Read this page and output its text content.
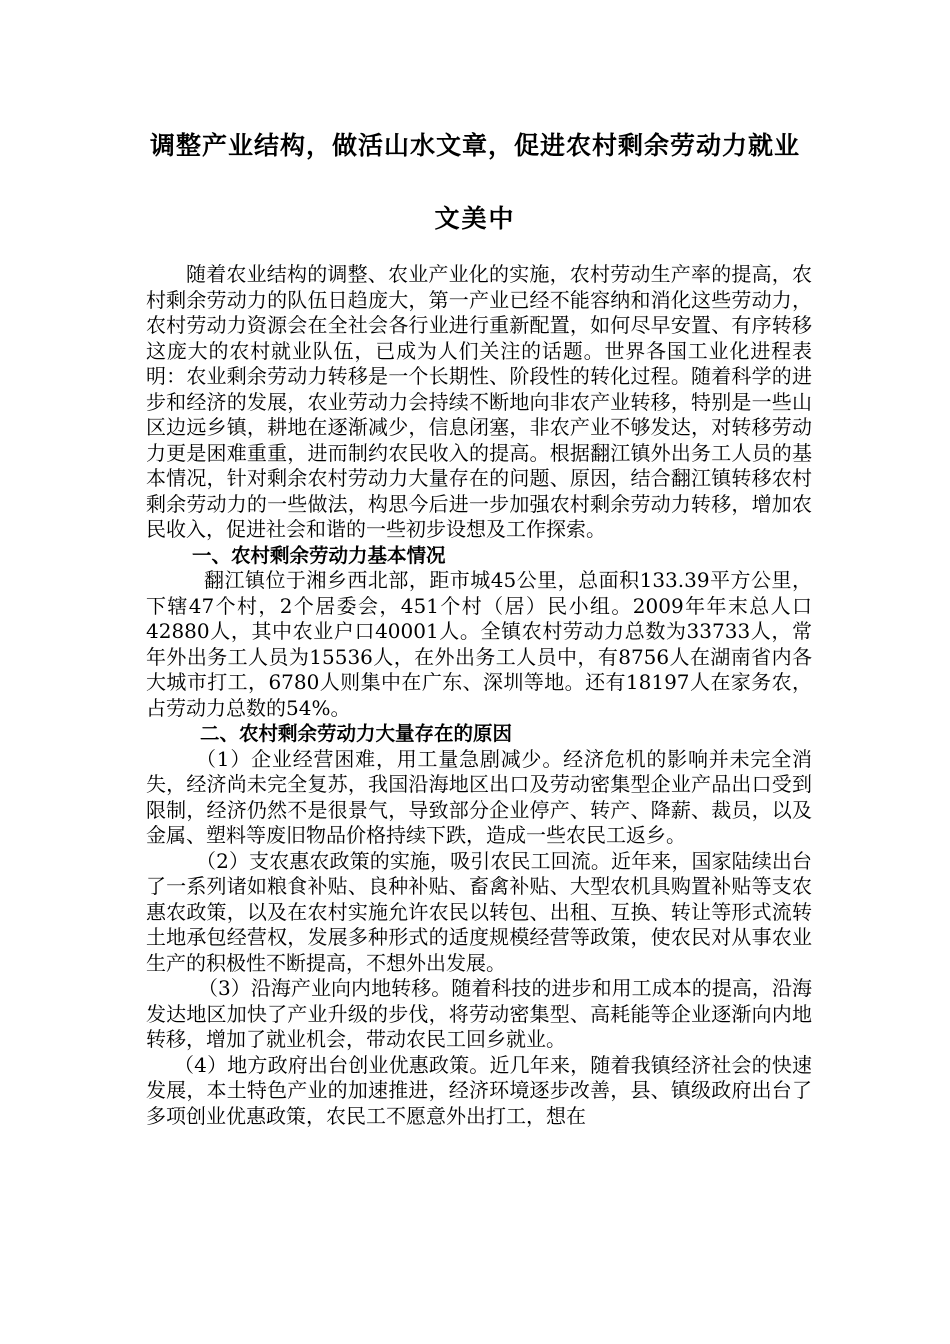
调整产业结构，做活山水文章，促进农村剩余劳动力就业
文美中

随着农业结构的调整、农业产业化的实施，农村劳动生产率的提高，农村剩余劳动力的队伍日趋庞大，第一产业已经不能容纳和消化这些劳动力，农村劳动力资源会在全社会各行业进行重新配置，如何尽早安置、有序转移这庞大的农村就业队伍，已成为人们关注的话题。世界各国工业化进程表明：农业剩余劳动力转移是一个长期性、阶段性的转化过程。随着科学的进步和经济的发展，农业劳动力会持续不断地向非农产业转移，特别是一些山区边远乡镇，耕地在逐渐减少，信息闭塞，非农产业不够发达，对转移劳动力更是困难重重，进而制约农民收入的提高。根据翻江镇外出务工人员的基本情况，针对剩余农村劳动力大量存在的问题、原因，结合翻江镇转移农村剩余劳动力的一些做法，构思今后进一步加强农村剩余劳动力转移，增加农民收入，促进社会和谐的一些初步设想及工作探索。

一、农村剩余劳动力基本情况

翻江镇位于湘乡西北部，距市城45公里，总面积133.39平方公里，下辖47个村，2个居委会，451个村（居）民小组。2009年年末总人口42880人，其中农业户口40001人。全镇农村劳动力总数为33733人，常年外出务工人员为15536人，在外出务工人员中，有8756人在湖南省内各大城市打工，6780人则集中在广东、深圳等地。还有18197人在家务农，占劳动力总数的54%。

二、农村剩余劳动力大量存在的原因

（1）企业经营困难，用工量急剧减少。经济危机的影响并未完全消失，经济尚未完全复苏，我国沿海地区出口及劳动密集型企业产品出口受到限制，经济仍然不是很景气，导致部分企业停产、转产、降薪、裁员，以及金属、塑料等废旧物品价格持续下跌，造成一些农民工返乡。

（2）支农惠农政策的实施，吸引农民工回流。近年来，国家陆续出台了一系列诸如粮食补贴、良种补贴、畜禽补贴、大型农机具购置补贴等支农惠农政策，以及在农村实施允许农民以转包、出租、互换、转让等形式流转土地承包经营权，发展多种形式的适度规模经营等政策，使农民对从事农业生产的积极性不断提高，不想外出发展。

（3）沿海产业向内地转移。随着科技的进步和用工成本的提高，沿海发达地区加快了产业升级的步伐，将劳动密集型、高耗能等企业逐渐向内地转移，增加了就业机会，带动农民工回乡就业。

（4）地方政府出台创业优惠政策。近几年来，随着我镇经济社会的快速发展，本土特色产业的加速推进，经济环境逐步改善，县、镇级政府出台了多项创业优惠政策，农民工不愿意外出打工，想在
